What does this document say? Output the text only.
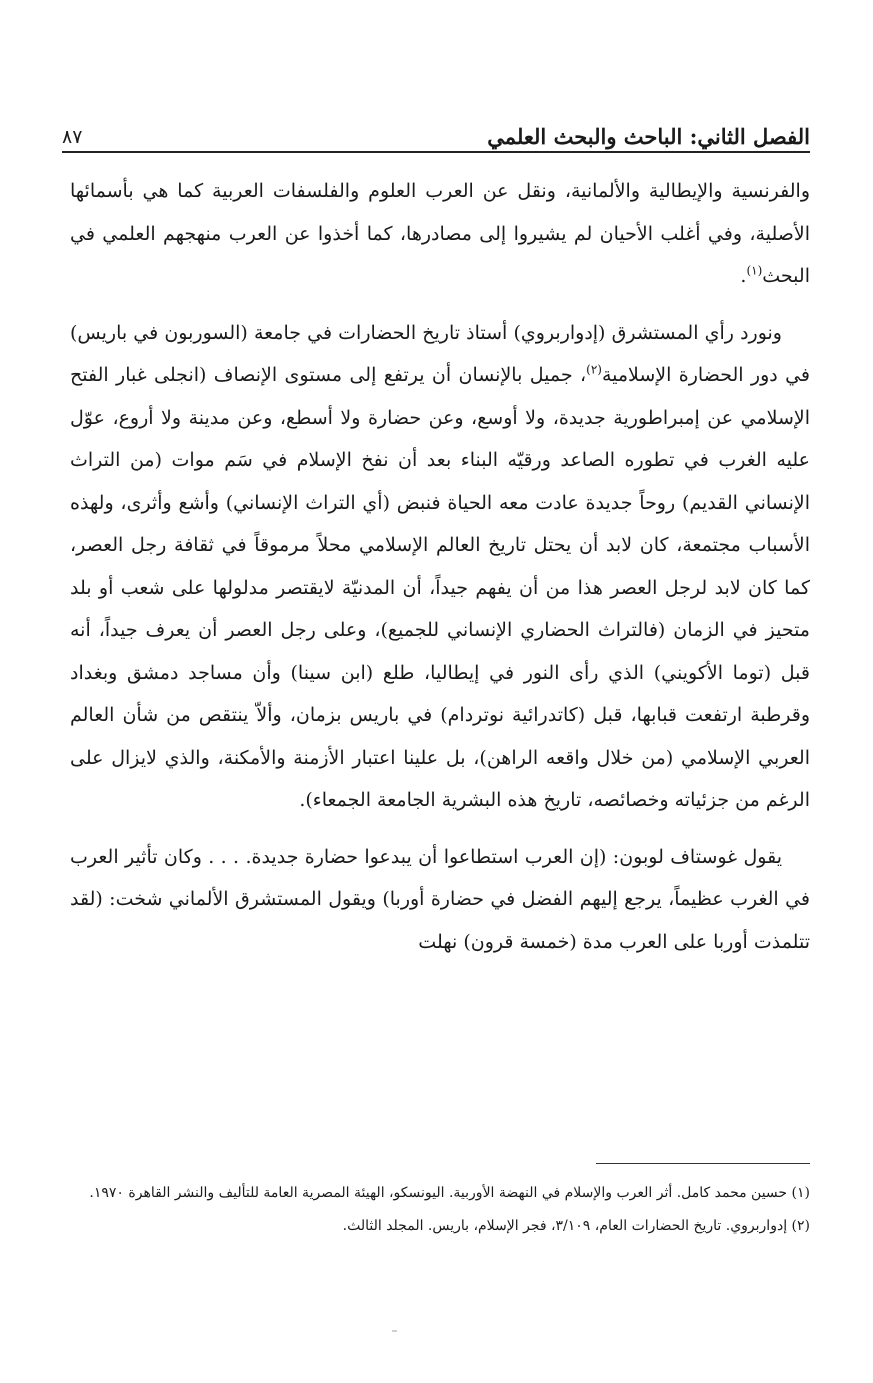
الفصل الثاني: الباحث والبحث العلمي
٨٧

والفرنسية والإيطالية والألمانية، ونقل عن العرب العلوم والفلسفات العربية كما هي بأسمائها الأصلية، وفي أغلب الأحيان لم يشيروا إلى مصادرها، كما أخذوا عن العرب منهجهم العلمي في البحث$^{(١)}$.

ونورد رأي المستشرق (إدواربروي) أستاذ تاريخ الحضارات في جامعة (السوربون في باريس) في دور الحضارة الإسلامية$^{(٢)}$، جميل بالإنسان أن يرتفع إلى مستوى الإنصاف (انجلى غبار الفتح الإسلامي عن إمبراطورية جديدة، ولا أوسع، وعن حضارة ولا أسطع، وعن مدينة ولا أروع، عوّل عليه الغرب في تطوره الصاعد ورقيّه البناء بعد أن نفخ الإسلام في سَم موات (من التراث الإنساني القديم) روحاً جديدة عادت معه الحياة فنبض (أي التراث الإنساني) وأشع وأثرى، ولهذه الأسباب مجتمعة، كان لابد أن يحتل تاريخ العالم الإسلامي محلاً مرموقاً في ثقافة رجل العصر، كما كان لابد لرجل العصر هذا من أن يفهم جيداً، أن المدنيّة لايقتصر مدلولها على شعب أو بلد متحيز في الزمان (فالتراث الحضاري الإنساني للجميع)، وعلى رجل العصر أن يعرف جيداً، أنه قبل (توما الأكويني) الذي رأى النور في إيطاليا، طلع (ابن سينا) وأن مساجد دمشق وبغداد وقرطبة ارتفعت قبابها، قبل (كاتدرائية نوتردام) في باريس بزمان، وألاّ ينتقص من شأن العالم العربي الإسلامي (من خلال واقعه الراهن)، بل علينا اعتبار الأزمنة والأمكنة، والذي لايزال على الرغم من جزئياته وخصائصه، تاريخ هذه البشرية الجامعة الجمعاء).

يقول غوستاف لوبون: (إن العرب استطاعوا أن يبدعوا حضارة جديدة. . . . وكان تأثير العرب في الغرب عظيماً، يرجع إليهم الفضل في حضارة أوربا) ويقول المستشرق الألماني شخت: (لقد تتلمذت أوربا على العرب مدة (خمسة قرون) نهلت

(١) حسين محمد كامل. أثر العرب والإسلام في النهضة الأوربية. اليونسكو، الهيئة المصرية العامة للتأليف والنشر القاهرة ١٩٧٠.

(٢) إدواربروي. تاريخ الحضارات العام، ٣/١٠٩، فجر الإسلام، باريس. المجلد الثالث.
